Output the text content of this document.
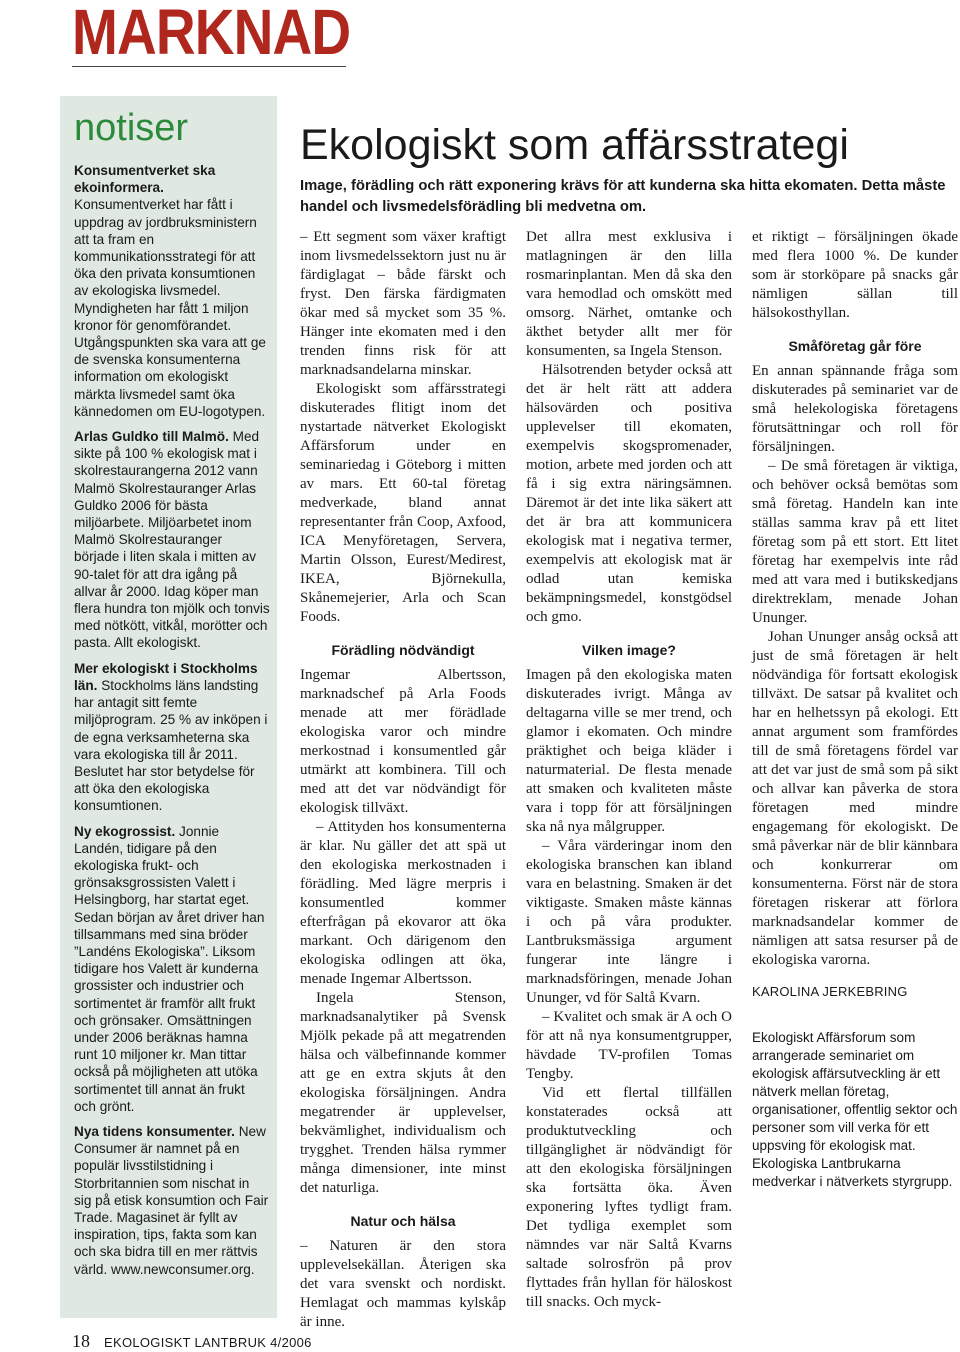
MARKNAD
notiser

Konsumentverket ska ekoinformera. Konsumentverket har fått i uppdrag av jordbruksministern att ta fram en kommunikationsstrategi för att öka den privata konsumtionen av ekologiska livsmedel. Myndigheten har fått 1 miljon kronor för genomförandet. Utgångspunkten ska vara att ge de svenska konsumenterna information om ekologiskt märkta livsmedel samt öka kännedomen om EU-logotypen.

Arlas Guldko till Malmö. Med sikte på 100 % ekologisk mat i skolrestaurangerna 2012 vann Malmö Skolrestauranger Arlas Guldko 2006 för bästa miljöarbete. Miljöarbetet inom Malmö Skolrestauranger började i liten skala i mitten av 90-talet för att dra igång på allvar år 2000. Idag köper man flera hundra ton mjölk och tonvis med nötkött, vitkål, morötter och pasta. Allt ekologiskt.

Mer ekologiskt i Stockholms län. Stockholms läns landsting har antagit sitt femte miljöprogram. 25 % av inköpen i de egna verksamheterna ska vara ekologiska till år 2011. Beslutet har stor betydelse för att öka den ekologiska konsumtionen.

Ny ekogrossist. Jonnie Landén, tidigare på den ekologiska frukt- och grönsaksgrossisten Valett i Helsingborg, har startat eget. Sedan början av året driver han tillsammans med sina bröder ”Landéns Ekologiska”. Liksom tidigare hos Valett är kunderna grossister och industrier och sortimentet är framför allt frukt och grönsaker. Omsättningen under 2006 beräknas hamna runt 10 miljoner kr. Man tittar också på möjligheten att utöka sortimentet till annat än frukt och grönt.

Nya tidens konsumenter. New Consumer är namnet på en populär livsstilstidning i Storbritannien som nischat in sig på etisk konsumtion och Fair Trade. Magasinet är fyllt av inspiration, tips, fakta som kan och ska bidra till en mer rättvis värld. www.newconsumer.org.

Ekologiskt som affärsstrategi

Image, förädling och rätt exponering krävs för att kunderna ska hitta ekomaten. Detta måste handel och livsmedelsförädling bli medvetna om.

– Ett segment som växer kraftigt inom livsmedelssektorn just nu är färdiglagat – både färskt och fryst. Den färska färdigmaten ökar med så mycket som 35 %. Hänger inte ekomaten med i den trenden finns risk för att marknadsandelarna minskar.

Ekologiskt som affärsstrategi diskuterades flitigt inom det nystartade nätverket Ekologiskt Affärsforum under en seminariedag i Göteborg i mitten av mars. Ett 60-tal företag medverkade, bland annat representanter från Coop, Axfood, ICA Menyföretagen, Servera, Martin Olsson, Eurest/Medirest, IKEA, Björnekulla, Skånemejerier, Arla och Scan Foods.

Förädling nödvändigt

Ingemar Albertsson, marknadschef på Arla Foods menade att mer förädlade ekologiska varor och mindre merkostnad i konsumentled går utmärkt att kombinera. Till och med att det var nödvändigt för ekologisk tillväxt.

– Attityden hos konsumenterna är klar. Nu gäller det att spä ut den ekologiska merkostnaden i förädling. Med lägre merpris i konsumentled kommer efterfrågan på ekovaror att öka markant. Och därigenom den ekologiska odlingen att öka, menade Ingemar Albertsson.

Ingela Stenson, marknadsanalytiker på Svensk Mjölk pekade på att megatrenden hälsa och välbefinnande kommer att ge en extra skjuts åt den ekologiska försäljningen. Andra megatrender är upplevelser, bekvämlighet, individualism och trygghet. Trenden hälsa rymmer många dimensioner, inte minst det naturliga.

Natur och hälsa

– Naturen är den stora upplevelsekällan. Återigen ska det vara svenskt och nordiskt. Hemlagat och mammas kylskåp är inne.

Det allra mest exklusiva i matlagningen är den lilla rosmarinplantan. Men då ska den vara hemodlad och omskött med omsorg. Närhet, omtanke och äkthet betyder allt mer för konsumenten, sa Ingela Stenson.

Hälsotrenden betyder också att det är helt rätt att addera hälsovärden och positiva upplevelser till ekomaten, exempelvis skogspromenader, motion, arbete med jorden och att få i sig extra näringsämnen. Däremot är det inte lika säkert att det är bra att kommunicera ekologisk mat i negativa termer, exempelvis att ekologisk mat är odlad utan kemiska bekämpningsmedel, konstgödsel och gmo.

Vilken image?

Imagen på den ekologiska maten diskuterades ivrigt. Många av deltagarna ville se mer trend, och glamor i ekomaten. Och mindre präktighet och beiga kläder i naturmaterial. De flesta menade att smaken och kvaliteten måste vara i topp för att försäljningen ska nå nya målgrupper.

– Våra värderingar inom den ekologiska branschen kan ibland vara en belastning. Smaken är det viktigaste. Smaken måste kännas i och på våra produkter. Lantbruksmässiga argument fungerar inte längre i marknadsföringen, menade Johan Ununger, vd för Saltå Kvarn.

– Kvalitet och smak är A och O för att nå nya konsumentgrupper, hävdade TV-profilen Tomas Tengby.

Vid ett flertal tillfällen konstaterades också att produktutveckling och tillgänglighet är nödvändigt för att den ekologiska försäljningen ska fortsätta öka. Även exponering lyftes tydligt fram. Det tydliga exemplet som nämndes var när Saltå Kvarns saltade solrosfrön på prov flyttades från hyllan för häloskost till snacks. Och myck-

et riktigt – försäljningen ökade med flera 1000 %. De kunder som är storköpare på snacks går nämligen sällan till hälsokosthyllan.

Småföretag går före

En annan spännande fråga som diskuterades på seminariet var de små helekologiska företagens förutsättningar och roll för försäljningen.

– De små företagen är viktiga, och behöver också bemötas som små företag. Handeln kan inte ställas samma krav på ett litet företag som på ett stort. Ett litet företag har exempelvis inte råd med att vara med i butikskedjans direktreklam, menade Johan Ununger.

Johan Ununger ansåg också att just de små företagen är helt nödvändiga för fortsatt ekologisk tillväxt. De satsar på kvalitet och har en helhetssyn på ekologi. Ett annat argument som framfördes till de små företagens fördel var att det var just de små som på sikt och allvar kan påverka de stora företagen med mindre engagemang för ekologiskt. De små påverkar när de blir kännbara och konkurrerar om konsumenterna. Först när de stora företagen riskerar att förlora marknadsandelar kommer de nämligen att satsa resurser på de ekologiska varorna.

KAROLINA JERKEBRING

Ekologiskt Affärsforum som arrangerade seminariet om ekologisk affärsutveckling är ett nätverk mellan företag, organisationer, offentlig sektor och personer som vill verka för ett uppsving för ekologisk mat. Ekologiska Lantbrukarna medverkar i nätverkets styrgrupp.

18 EKOLOGISKT LANTBRUK 4/2006
